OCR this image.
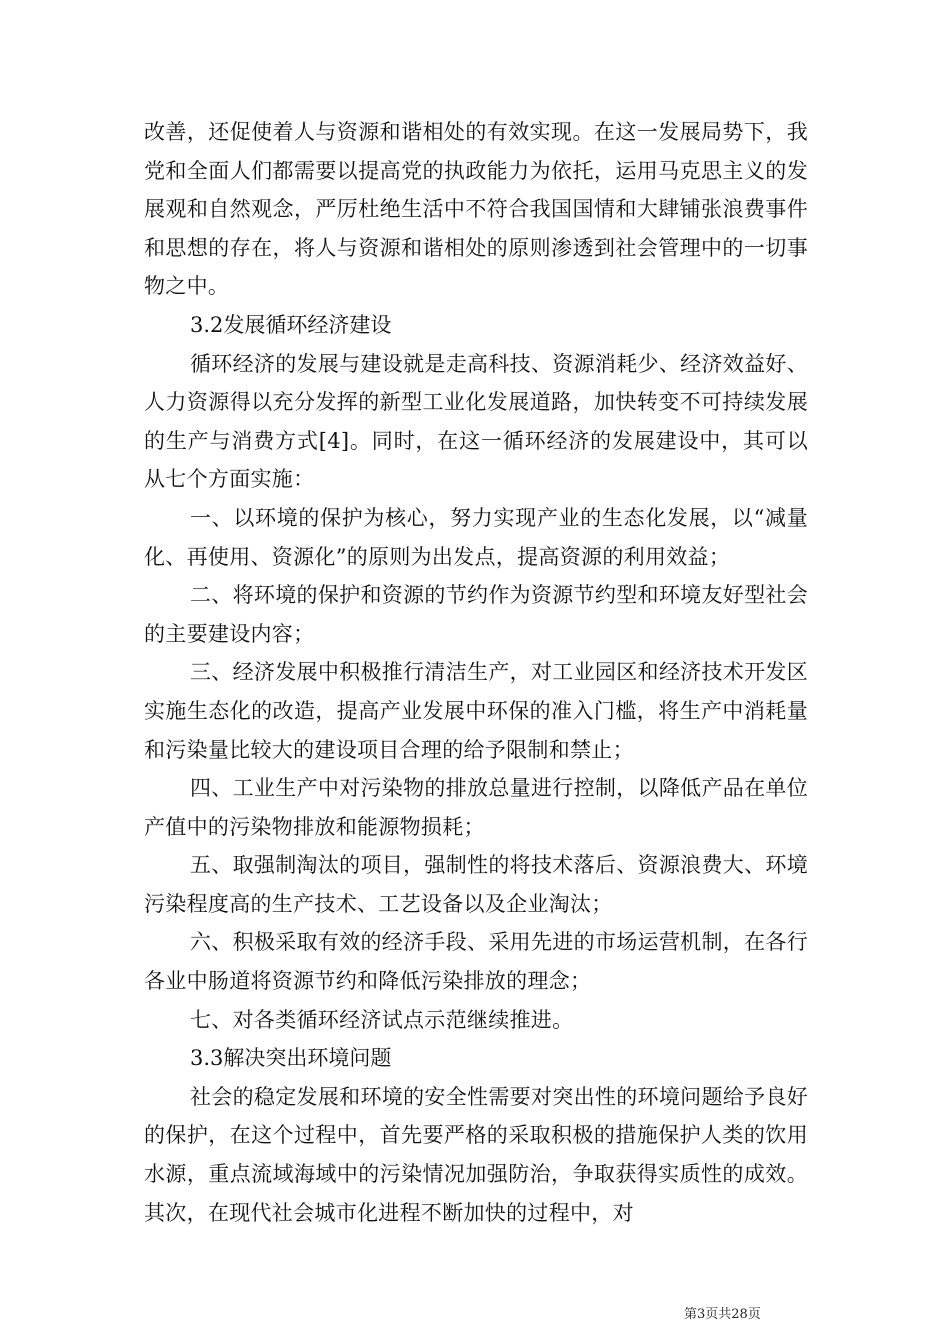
改善，还促使着人与资源和谐相处的有效实现。在这一发展局势下，我党和全面人们都需要以提高党的执政能力为依托，运用马克思主义的发展观和自然观念，严厉杜绝生活中不符合我国国情和大肆铺张浪费事件和思想的存在，将人与资源和谐相处的原则渗透到社会管理中的一切事物之中。

3.2发展循环经济建设

循环经济的发展与建设就是走高科技、资源消耗少、经济效益好、人力资源得以充分发挥的新型工业化发展道路，加快转变不可持续发展的生产与消费方式[4]。同时，在这一循环经济的发展建设中，其可以从七个方面实施：

一、以环境的保护为核心，努力实现产业的生态化发展，以“减量化、再使用、资源化”的原则为出发点，提高资源的利用效益；

二、将环境的保护和资源的节约作为资源节约型和环境友好型社会的主要建设内容；

三、经济发展中积极推行清洁生产，对工业园区和经济技术开发区实施生态化的改造，提高产业发展中环保的准入门槛，将生产中消耗量和污染量比较大的建设项目合理的给予限制和禁止；

四、工业生产中对污染物的排放总量进行控制，以降低产品在单位产值中的污染物排放和能源物损耗；

五、取强制淘汰的项目，强制性的将技术落后、资源浪费大、环境污染程度高的生产技术、工艺设备以及企业淘汰；

六、积极采取有效的经济手段、采用先进的市场运营机制，在各行各业中肠道将资源节约和降低污染排放的理念；

七、对各类循环经济试点示范继续推进。

3.3解决突出环境问题

社会的稳定发展和环境的安全性需要对突出性的环境问题给予良好的保护，在这个过程中，首先要严格的采取积极的措施保护人类的饮用水源，重点流域海域中的污染情况加强防治，争取获得实质性的成效。其次，在现代社会城市化进程不断加快的过程中，对

第3页共28页
